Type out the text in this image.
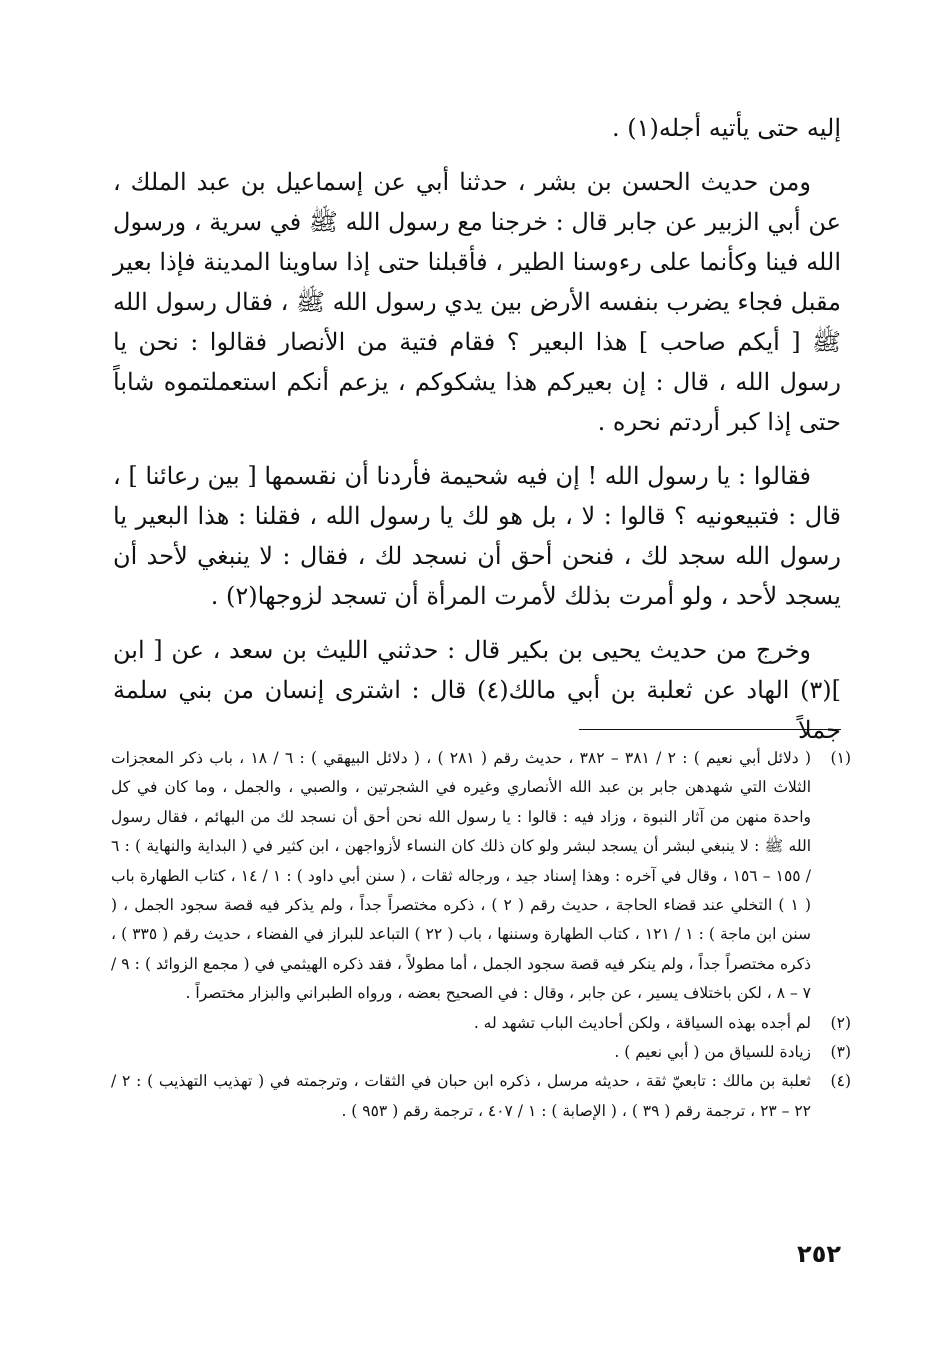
إليه حتى يأتيه أجله(١) .

ومن حديث الحسن بن بشر ، حدثنا أبي عن إسماعيل بن عبد الملك ، عن أبي الزبير عن جابر قال : خرجنا مع رسول الله ﷺ في سرية ، ورسول الله فينا وكأنما على رءوسنا الطير ، فأقبلنا حتى إذا ساوينا المدينة فإذا بعير مقبل فجاء يضرب بنفسه الأرض بين يدي رسول الله ﷺ ، فقال رسول الله ﷺ [ أيكم صاحب ] هذا البعير ؟ فقام فتية من الأنصار فقالوا : نحن يا رسول الله ، قال : إن بعيركم هذا يشكوكم ، يزعم أنكم استعملتموه شاباً حتى إذا كبر أردتم نحره .

فقالوا : يا رسول الله ! إن فيه شحيمة فأردنا أن نقسمها [ بين رعائنا ] ، قال : فتبيعونيه ؟ قالوا : لا ، بل هو لك يا رسول الله ، فقلنا : هذا البعير يا رسول الله سجد لك ، فنحن أحق أن نسجد لك ، فقال : لا ينبغي لأحد أن يسجد لأحد ، ولو أمرت بذلك لأمرت المرأة أن تسجد لزوجها(٢) .

وخرج من حديث يحيى بن بكير قال : حدثني الليث بن سعد ، عن [ ابن ](٣) الهاد عن ثعلبة بن أبي مالك(٤) قال : اشترى إنسان من بني سلمة جملاً

(١)
( دلائل أبي نعيم ) : ٢ / ٣٨١ – ٣٨٢ ، حديث رقم ( ٢٨١ ) ، ( دلائل البيهقي ) : ٦ / ١٨ ، باب ذكر المعجزات الثلاث التي شهدهن جابر بن عبد الله الأنصاري وغيره في الشجرتين ، والصبي ، والجمل ، وما كان في كل واحدة منهن من آثار النبوة ، وزاد فيه : قالوا : يا رسول الله نحن أحق أن نسجد لك من البهائم ، فقال رسول الله ﷺ : لا ينبغي لبشر أن يسجد لبشر ولو كان ذلك كان النساء لأزواجهن ، ابن كثير في ( البداية والنهاية ) : ٦ / ١٥٥ – ١٥٦ ، وقال في آخره : وهذا إسناد جيد ، ورجاله ثقات ، ( سنن أبي داود ) : ١ / ١٤ ، كتاب الطهارة باب ( ١ ) التخلي عند قضاء الحاجة ، حديث رقم ( ٢ ) ، ذكره مختصراً جداً ، ولم يذكر فيه قصة سجود الجمل ، ( سنن ابن ماجة ) : ١ / ١٢١ ، كتاب الطهارة وسننها ، باب ( ٢٢ ) التباعد للبراز في الفضاء ، حديث رقم ( ٣٣٥ ) ، ذكره مختصراً جداً ، ولم ينكر فيه قصة سجود الجمل ، أما مطولاً ، فقد ذكره الهيثمي في ( مجمع الزوائد ) : ٩ / ٧ – ٨ ، لكن باختلاف يسير ، عن جابر ، وقال : في الصحيح بعضه ، ورواه الطبراني والبزار مختصراً .
(٢)
لم أجده بهذه السياقة ، ولكن أحاديث الباب تشهد له .
(٣)
زيادة للسياق من ( أبي نعيم ) .
(٤)
ثعلبة بن مالك : تابعيّ ثقة ، حديثه مرسل ، ذكره ابن حبان في الثقات ، وترجمته في ( تهذيب التهذيب ) : ٢ / ٢٢ – ٢٣ ، ترجمة رقم ( ٣٩ ) ، ( الإصابة ) : ١ / ٤٠٧ ، ترجمة رقم ( ٩٥٣ ) .
٢٥٢
